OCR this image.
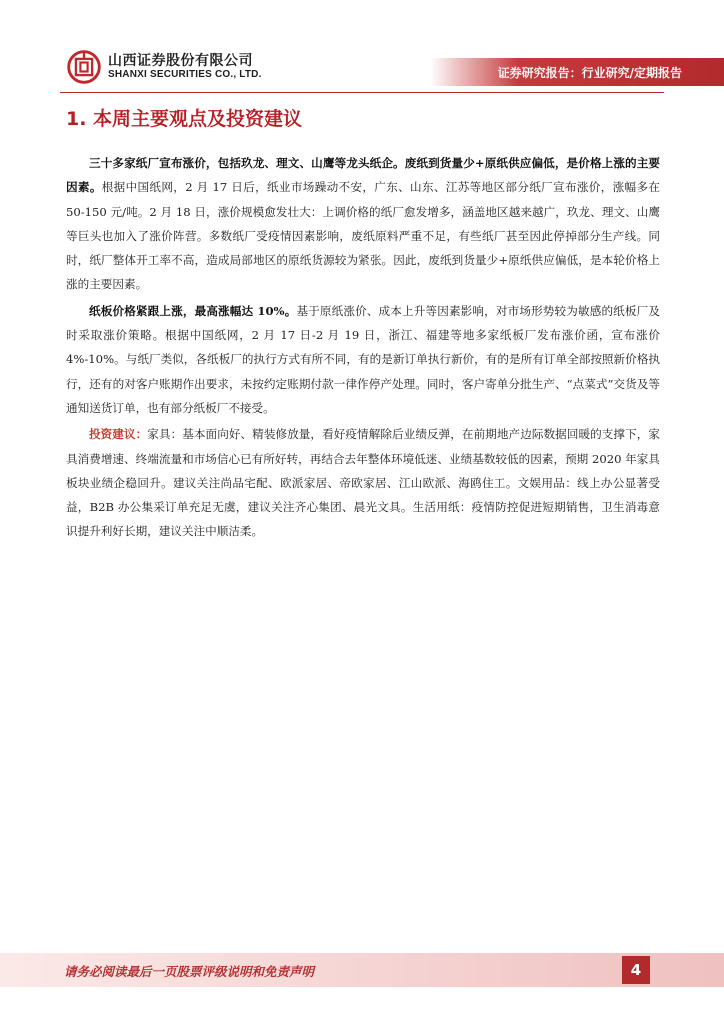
山西证券股份有限公司
SHANXI SECURITIES CO., LTD.	证券研究报告：行业研究/定期报告
1. 本周主要观点及投资建议

三十多家纸厂宣布涨价，包括玖龙、理文、山鹰等龙头纸企。废纸到货量少+原纸供应偏低，是价格上涨的主要因素。根据中国纸网，2 月 17 日后，纸业市场躁动不安，广东、山东、江苏等地区部分纸厂宣布涨价，涨幅多在 50-150 元/吨。2 月 18 日，涨价规模愈发壮大：上调价格的纸厂愈发增多，涵盖地区越来越广，玖龙、理文、山鹰等巨头也加入了涨价阵营。多数纸厂受疫情因素影响，废纸原料严重不足，有些纸厂甚至因此停掉部分生产线。同时，纸厂整体开工率不高，造成局部地区的原纸货源较为紧张。因此，废纸到货量少+原纸供应偏低，是本轮价格上涨的主要因素。

纸板价格紧跟上涨，最高涨幅达 10%。基于原纸涨价、成本上升等因素影响，对市场形势较为敏感的纸板厂及时采取涨价策略。根据中国纸网，2 月 17 日-2 月 19 日，浙江、福建等地多家纸板厂发布涨价函，宣布涨价 4%-10%。与纸厂类似，各纸板厂的执行方式有所不同，有的是新订单执行新价，有的是所有订单全部按照新价格执行，还有的对客户账期作出要求，未按约定账期付款一律作停产处理。同时，客户寄单分批生产、“点菜式”交货及等通知送货订单，也有部分纸板厂不接受。

投资建议：家具：基本面向好、精装修放量，看好疫情解除后业绩反弹，在前期地产边际数据回暖的支撑下，家具消费增速、终端流量和市场信心已有所好转，再结合去年整体环境低迷、业绩基数较低的因素，预期 2020 年家具板块业绩企稳回升。建议关注尚品宅配、欧派家居、帝欧家居、江山欧派、海鸥住工。文娱用品：线上办公显著受益，B2B 办公集采订单充足无虞，建议关注齐心集团、晨光文具。生活用纸：疫情防控促进短期销售，卫生消毒意识提升利好长期，建议关注中顺洁柔。

请务必阅读最后一页股票评级说明和免责声明	4
